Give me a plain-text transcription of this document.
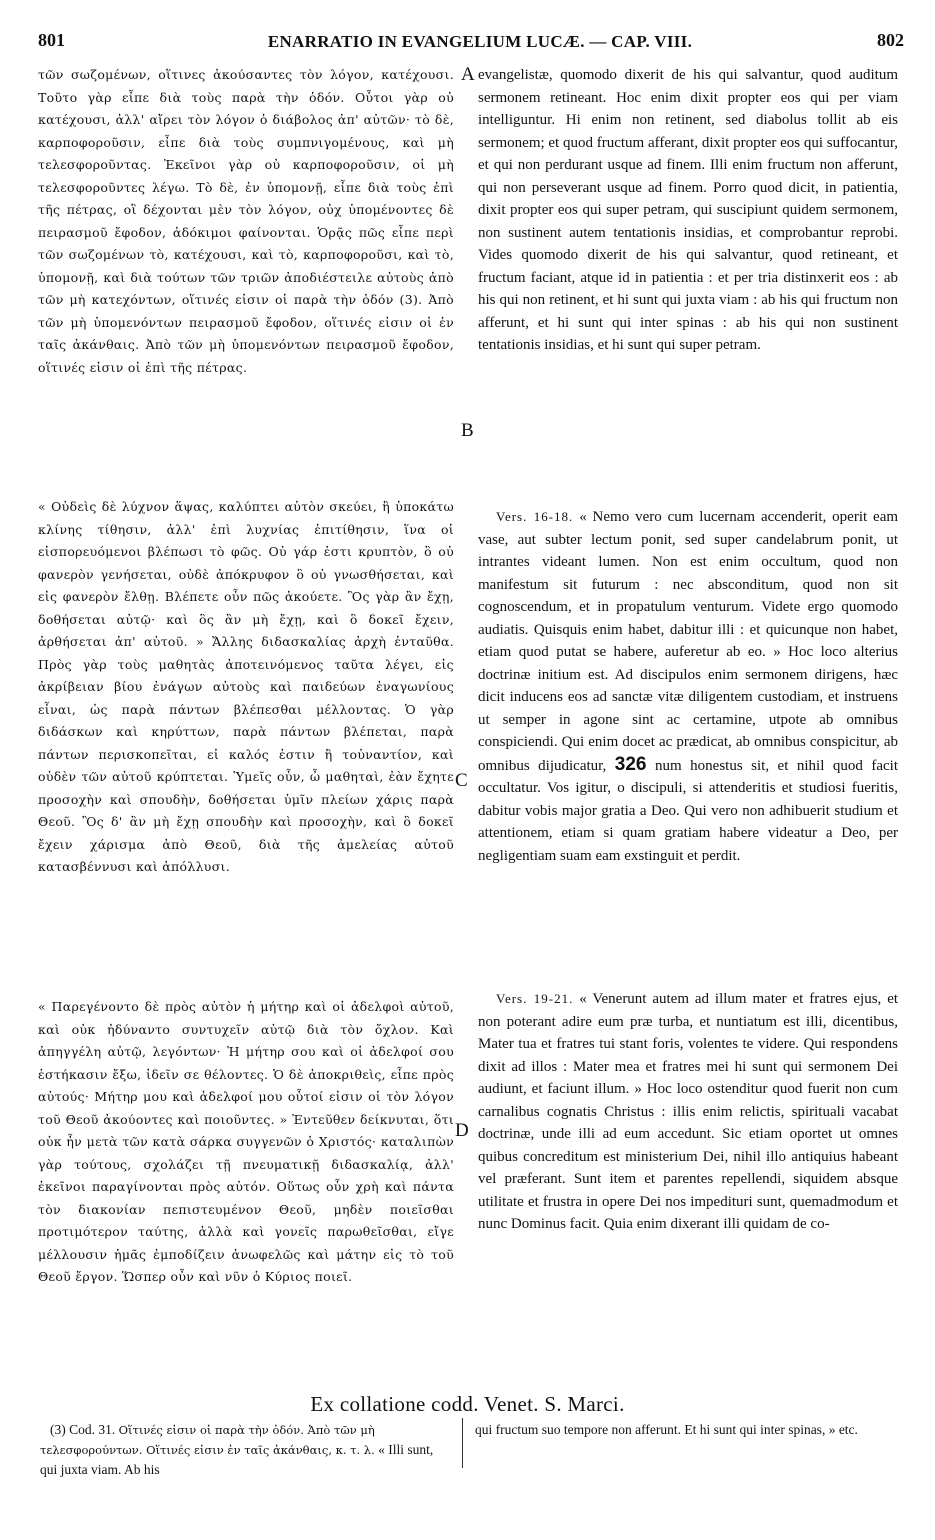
801	ENARRATIO IN EVANGELIUM LUCÆ. — CAP. VIII.	802

τῶν σωζομένων, οἵτινες ἀκούσαντες τὸν λόγον, κατέχουσι. Τοῦτο γὰρ εἶπε διὰ τοὺς παρὰ τὴν ὁδόν. Οὗτοι γὰρ οὐ κατέχουσι, ἀλλ' αἴρει τὸν λόγον ὁ διάβολος ἀπ' αὐτῶν· τὸ δὲ, καρποφοροῦσιν, εἶπε διὰ τοὺς συμπνιγομένους, καὶ μὴ τελεσφοροῦντας. Ἐκεῖνοι γὰρ οὐ καρποφοροῦσιν, οἱ μὴ τελεσφοροῦντες λέγω. Τὸ δὲ, ἐν ὑπομονῇ, εἶπε διὰ τοὺς ἐπὶ τῆς πέτρας, οἳ δέχονται μὲν τὸν λόγον, οὐχ ὑπομένοντες δὲ πειρασμοῦ ἔφοδον, ἀδόκιμοι φαίνονται. Ὁρᾷς πῶς εἶπε περὶ τῶν σωζομένων τὸ, κατέχουσι, καὶ τὸ, καρποφοροῦσι, καὶ τὸ, ὑπομονῇ, καὶ διὰ τούτων τῶν τριῶν ἀποδιέστειλε αὐτοὺς ἀπὸ τῶν μὴ κατεχόντων, οἵτινές εἰσιν οἱ παρὰ τὴν ὁδόν (3). Ἀπὸ τῶν μὴ ὑπομενόντων πειρασμοῦ ἔφοδον, οἵτινές εἰσιν οἱ ἐν ταῖς ἀκάνθαις. Ἀπὸ τῶν μὴ ὑπομενόντων πειρασμοῦ ἔφοδον, οἵτινές εἰσιν οἱ ἐπὶ τῆς πέτρας.

« Οὐδεὶς δὲ λύχνον ἅψας, καλύπτει αὐτὸν σκεύει, ἢ ὑποκάτω κλίνης τίθησιν, ἀλλ' ἐπὶ λυχνίας ἐπιτίθησιν, ἵνα οἱ εἰσπορευόμενοι βλέπωσι τὸ φῶς. Οὐ γάρ ἐστι κρυπτὸν, ὃ οὐ φανερὸν γενήσεται, οὐδὲ ἀπόκρυφον ὃ οὐ γνωσθήσεται, καὶ εἰς φανερὸν ἔλθῃ. Βλέπετε οὖν πῶς ἀκούετε. Ὃς γὰρ ἂν ἔχῃ, δοθήσεται αὐτῷ· καὶ ὃς ἂν μὴ ἔχῃ, καὶ ὃ δοκεῖ ἔχειν, ἀρθήσεται ἀπ' αὐτοῦ. » Ἄλλης διδασκαλίας ἀρχὴ ἐνταῦθα. Πρὸς γὰρ τοὺς μαθητὰς ἀποτεινόμενος ταῦτα λέγει, εἰς ἀκρίβειαν βίου ἐνάγων αὐτοὺς καὶ παιδεύων ἐναγωνίους εἶναι, ὡς παρὰ πάντων βλέπεσθαι μέλλοντας. Ὁ γὰρ διδάσκων καὶ κηρύττων, παρὰ πάντων βλέπεται, παρὰ πάντων περισκοπεῖται, εἰ καλός ἐστιν ἢ τοὐναντίον, καὶ οὐδὲν τῶν αὐτοῦ κρύπτεται. Ὑμεῖς οὖν, ὦ μαθηταὶ, ἐὰν ἔχητε προσοχὴν καὶ σπουδὴν, δοθήσεται ὑμῖν πλείων χάρις παρὰ Θεοῦ. Ὃς δ' ἂν μὴ ἔχῃ σπουδὴν καὶ προσοχὴν, καὶ ὃ δοκεῖ ἔχειν χάρισμα ἀπὸ Θεοῦ, διὰ τῆς ἀμελείας αὐτοῦ κατασβέννυσι καὶ ἀπόλλυσι.

« Παρεγένοντο δὲ πρὸς αὐτὸν ἡ μήτηρ καὶ οἱ ἀδελφοὶ αὐτοῦ, καὶ οὐκ ἠδύναντο συντυχεῖν αὐτῷ διὰ τὸν ὄχλον. Καὶ ἀπηγγέλη αὐτῷ, λεγόντων· Ἡ μήτηρ σου καὶ οἱ ἀδελφοί σου ἑστήκασιν ἔξω, ἰδεῖν σε θέλοντες. Ὁ δὲ ἀποκριθεὶς, εἶπε πρὸς αὐτούς· Μήτηρ μου καὶ ἀδελφοί μου οὗτοί εἰσιν οἱ τὸν λόγον τοῦ Θεοῦ ἀκούοντες καὶ ποιοῦντες. » Ἐντεῦθεν δείκνυται, ὅτι οὐκ ἦν μετὰ τῶν κατὰ σάρκα συγγενῶν ὁ Χριστός· καταλιπὼν γὰρ τούτους, σχολάζει τῇ πνευματικῇ διδασκαλίᾳ, ἀλλ' ἐκεῖνοι παραγίνονται πρὸς αὐτόν. Οὕτως οὖν χρὴ καὶ πάντα τὸν διακονίαν πεπιστευμένον Θεοῦ, μηδὲν ποιεῖσθαι προτιμότερον ταύτης, ἀλλὰ καὶ γονεῖς παρωθεῖσθαι, εἴγε μέλλουσιν ἡμᾶς ἐμποδίζειν ἀνωφελῶς καὶ μάτην εἰς τὸ τοῦ Θεοῦ ἔργον. Ὥσπερ οὖν καὶ νῦν ὁ Κύριος ποιεῖ.

A
B
C
D

evangelistæ, quomodo dixerit de his qui salvantur, quod auditum sermonem retineant. Hoc enim dixit propter eos qui per viam intelliguntur. Hi enim non retinent, sed diabolus tollit ab eis sermonem; et quod fructum afferant, dixit propter eos qui suffocantur, et qui non perdurant usque ad finem. Illi enim fructum non afferunt, qui non perseverant usque ad finem. Porro quod dicit, in patientia, dixit propter eos qui super petram, qui suscipiunt quidem sermonem, non sustinent autem tentationis insidias, et comprobantur reprobi. Vides quomodo dixerit de his qui salvantur, quod retineant, et fructum faciant, atque id in patientia : et per tria distinxerit eos : ab his qui non retinent, et hi sunt qui juxta viam : ab his qui fructum non afferunt, et hi sunt qui inter spinas : ab his qui non sustinent tentationis insidias, et hi sunt qui super petram.

Vers. 16-18. « Nemo vero cum lucernam accenderit, operit eam vase, aut subter lectum ponit, sed super candelabrum ponit, ut intrantes videant lumen. Non est enim occultum, quod non manifestum sit futurum : nec absconditum, quod non sit cognoscendum, et in propatulum venturum. Videte ergo quomodo audiatis. Quisquis enim habet, dabitur illi : et quicunque non habet, etiam quod putat se habere, auferetur ab eo. » Hoc loco alterius doctrinæ initium est. Ad discipulos enim sermonem dirigens, hæc dicit inducens eos ad sanctæ vitæ diligentem custodiam, et instruens ut semper in agone sint ac certamine, utpote ab omnibus conspiciendi. Qui enim docet ac prædicat, ab omnibus conspicitur, ab omnibus dijudicatur, 326 num honestus sit, et nihil quod facit occultatur. Vos igitur, o discipuli, si attenderitis et studiosi fueritis, dabitur vobis major gratia a Deo. Qui vero non adhibuerit studium et attentionem, etiam si quam gratiam habere videatur a Deo, per negligentiam suam eam exstinguit et perdit.

Vers. 19-21. « Venerunt autem ad illum mater et fratres ejus, et non poterant adire eum præ turba, et nuntiatum est illi, dicentibus, Mater tua et fratres tui stant foris, volentes te videre. Qui respondens dixit ad illos : Mater mea et fratres mei hi sunt qui sermonem Dei audiunt, et faciunt illum. » Hoc loco ostenditur quod fuerit non cum carnalibus cognatis Christus : illis enim relictis, spirituali vacabat doctrinæ, unde illi ad eum accedunt. Sic etiam oportet ut omnes quibus concreditum est ministerium Dei, nihil illo antiquius habeant vel præferant. Sunt item et parentes repellendi, siquidem absque utilitate et frustra in opere Dei nos impedituri sunt, quemadmodum et nunc Dominus facit. Quia enim dixerant illi quidam de co-

Ex collatione codd. Venet. S. Marci.

(3) Cod. 31. Οἵτινές εἰσιν οἱ παρὰ τὴν ὁδόν. Ἀπὸ τῶν μὴ τελεσφορούντων. Οἵτινές εἰσιν ἐν ταῖς ἀκάνθαις, κ. τ. λ. « Illi sunt, qui juxta viam. Ab his

qui fructum suo tempore non afferunt. Et hi sunt qui inter spinas, » etc.
